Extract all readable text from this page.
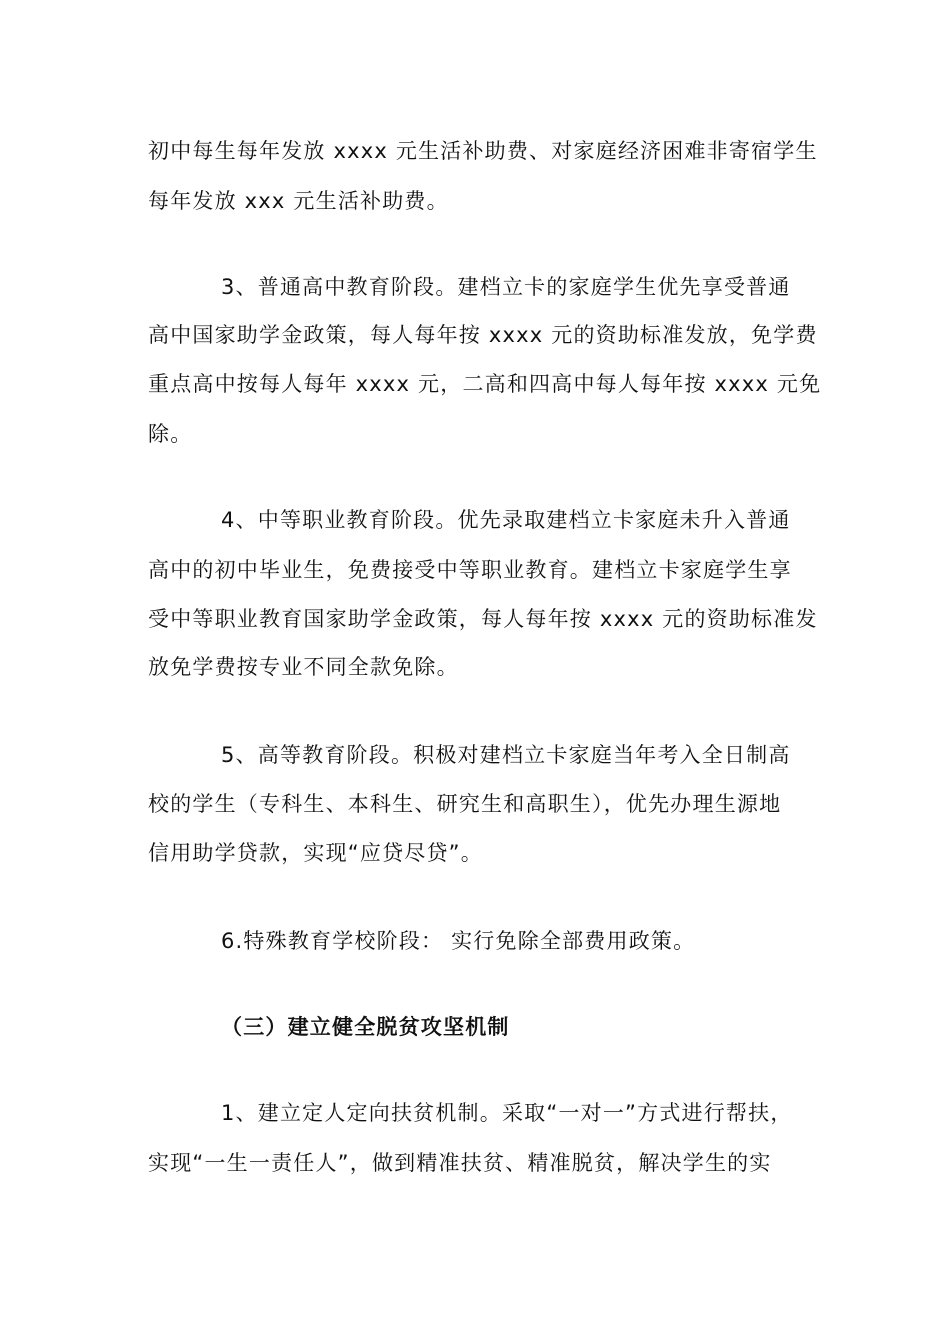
初中每生每年发放 xxxx 元生活补助费、对家庭经济困难非寄宿学生
每年发放 xxx 元生活补助费。
3、普通高中教育阶段。建档立卡的家庭学生优先享受普通
高中国家助学金政策，每人每年按 xxxx 元的资助标准发放，免学费
重点高中按每人每年 xxxx 元，二高和四高中每人每年按 xxxx 元免
除。
4、中等职业教育阶段。优先录取建档立卡家庭未升入普通
高中的初中毕业生，免费接受中等职业教育。建档立卡家庭学生享
受中等职业教育国家助学金政策，每人每年按 xxxx 元的资助标准发
放免学费按专业不同全款免除。
5、高等教育阶段。积极对建档立卡家庭当年考入全日制高
校的学生（专科生、本科生、研究生和高职生），优先办理生源地
信用助学贷款，实现“应贷尽贷”。
6.特殊教育学校阶段： 实行免除全部费用政策。
（三）建立健全脱贫攻坚机制
1、建立定人定向扶贫机制。采取“一对一”方式进行帮扶，
实现“一生一责任人”，做到精准扶贫、精准脱贫，解决学生的实
